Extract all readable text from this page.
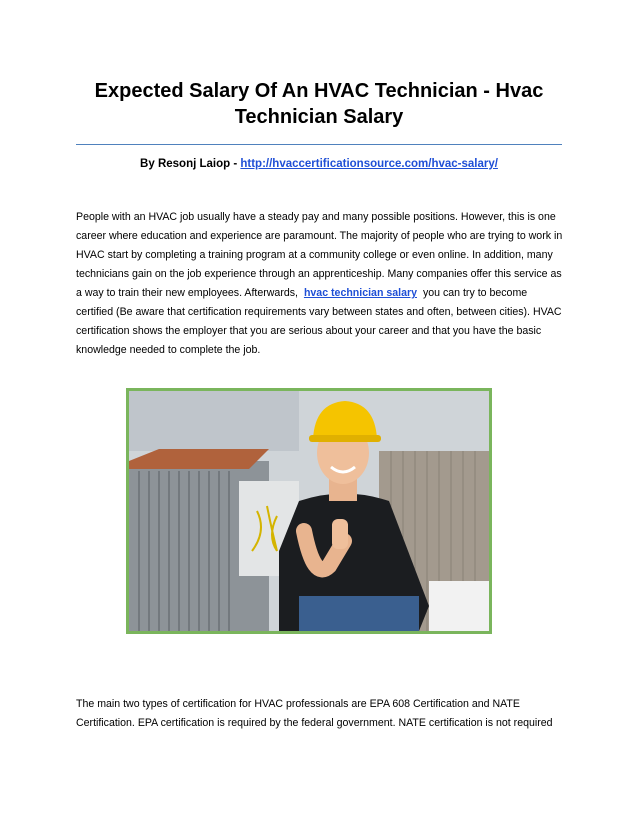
Expected Salary Of An HVAC Technician - Hvac Technician Salary
By Resonj Laiop - http://hvaccertificationsource.com/hvac-salary/
People with an HVAC job usually have a steady pay and many possible positions. However, this is one career where education and experience are paramount. The majority of people who are trying to work in HVAC start by completing a training program at a community college or even online. In addition, many technicians gain on the job experience through an apprenticeship. Many companies offer this service as a way to train their new employees. Afterwards, hvac technician salary you can try to become certified (Be aware that certification requirements vary between states and often, between cities). HVAC certification shows the employer that you are serious about your career and that you have the basic knowledge needed to complete the job.
The main two types of certification for HVAC professionals are EPA 608 Certification and NATE Certification. EPA certification is required by the federal government. NATE certification is not required
